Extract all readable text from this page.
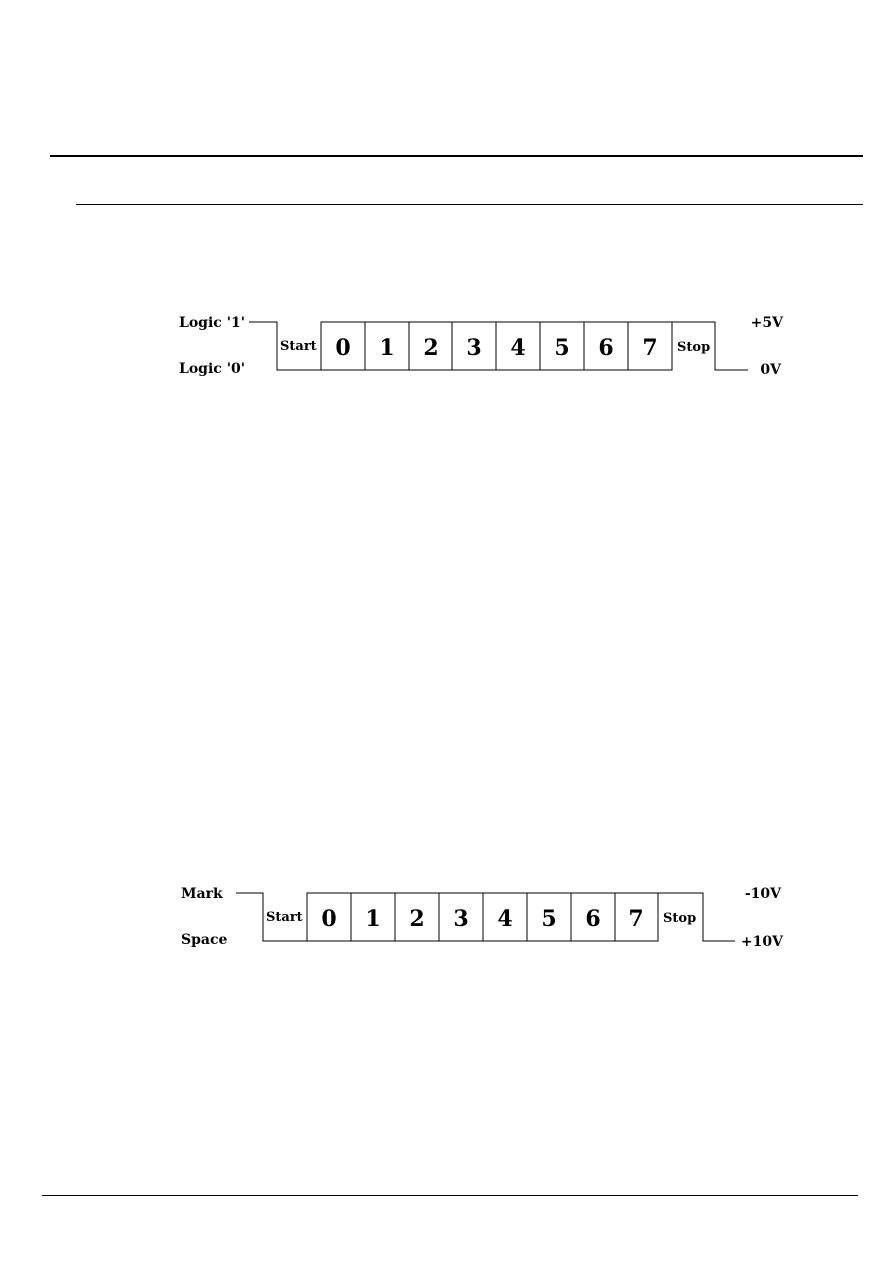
Logic '1'
Logic '0'
Start 0 1 2 3 4 5 6 7 Stop
+5V
0V
Mark
Space
Start 0 1 2 3 4 5 6 7 Stop
-10V
+10V
